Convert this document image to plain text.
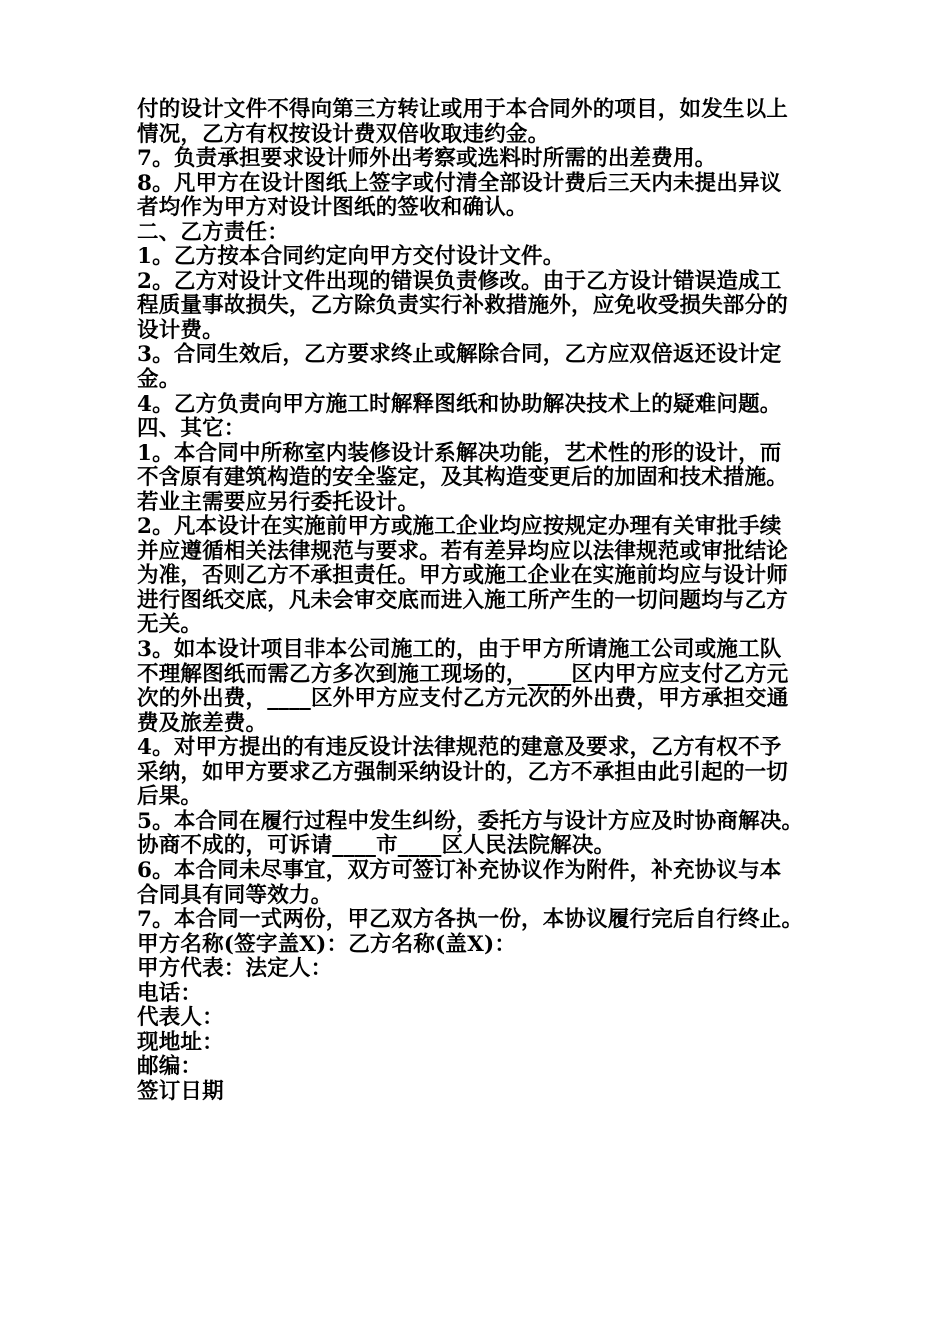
付的设计文件不得向第三方转让或用于本合同外的项目，如发生以上
情况，乙方有权按设计费双倍收取违约金。
7。负责承担要求设计师外出考察或选料时所需的出差费用。
8。凡甲方在设计图纸上签字或付清全部设计费后三天内未提出异议
者均作为甲方对设计图纸的签收和确认。
二、乙方责任：
1。乙方按本合同约定向甲方交付设计文件。
2。乙方对设计文件出现的错误负责修改。由于乙方设计错误造成工
程质量事故损失，乙方除负责实行补救措施外，应免收受损失部分的
设计费。
3。合同生效后，乙方要求终止或解除合同，乙方应双倍返还设计定
金。
4。乙方负责向甲方施工时解释图纸和协助解决技术上的疑难问题。
四、其它：
1。本合同中所称室内装修设计系解决功能，艺术性的形的设计，而
不含原有建筑构造的安全鉴定，及其构造变更后的加固和技术措施。
若业主需要应另行委托设计。
2。凡本设计在实施前甲方或施工企业均应按规定办理有关审批手续
并应遵循相关法律规范与要求。若有差异均应以法律规范或审批结论
为准，否则乙方不承担责任。甲方或施工企业在实施前均应与设计师
进行图纸交底，凡未会审交底而进入施工所产生的一切问题均与乙方
无关。
3。如本设计项目非本公司施工的，由于甲方所请施工公司或施工队
不理解图纸而需乙方多次到施工现场的，____区内甲方应支付乙方元
次的外出费，____区外甲方应支付乙方元次的外出费，甲方承担交通
费及旅差费。
4。对甲方提出的有违反设计法律规范的建意及要求，乙方有权不予
采纳，如甲方要求乙方强制采纳设计的，乙方不承担由此引起的一切
后果。
5。本合同在履行过程中发生纠纷，委托方与设计方应及时协商解决。
协商不成的，可诉请____市____区人民法院解决。
6。本合同未尽事宜，双方可签订补充协议作为附件，补充协议与本
合同具有同等效力。
7。本合同一式两份，甲乙双方各执一份，本协议履行完后自行终止。
甲方名称(签字盖X)：乙方名称(盖X)：
甲方代表：法定人：
电话：
代表人：
现地址：
邮编：
签订日期
